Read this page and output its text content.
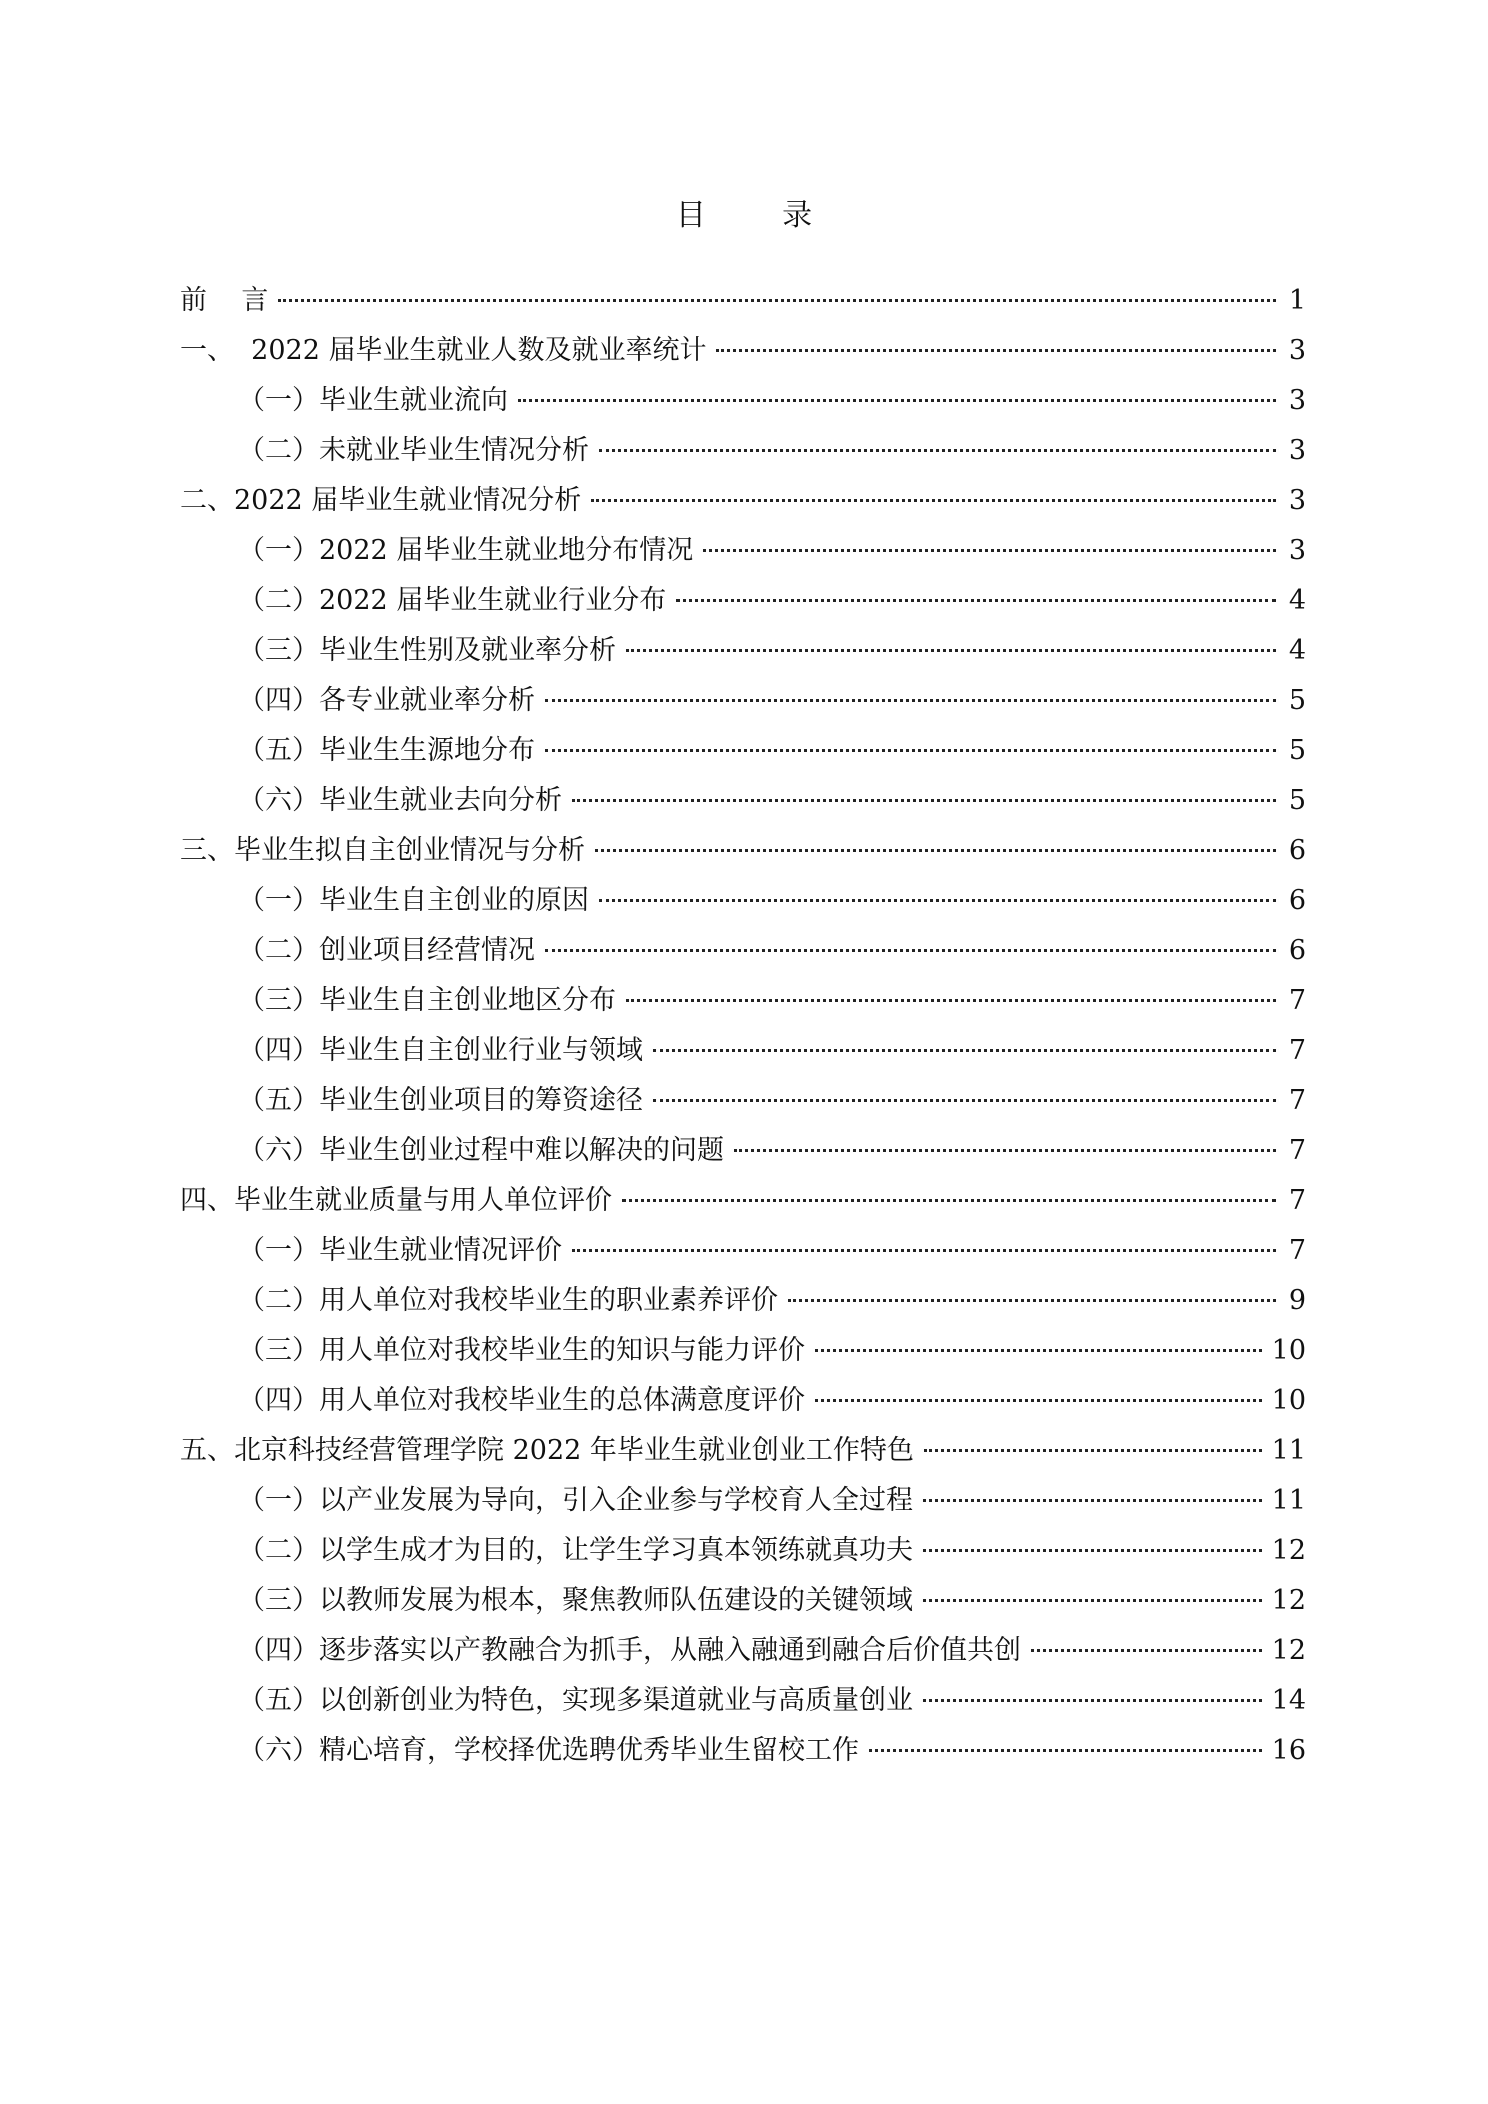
目        录
前    言	1
一、  2022 届毕业生就业人数及就业率统计	3
（一）毕业生就业流向	3
（二）未就业毕业生情况分析	3
二、2022 届毕业生就业情况分析	3
（一）2022 届毕业生就业地分布情况	3
（二）2022 届毕业生就业行业分布	4
（三）毕业生性别及就业率分析	4
（四）各专业就业率分析	5
（五）毕业生生源地分布	5
（六）毕业生就业去向分析	5
三、毕业生拟自主创业情况与分析	6
（一）毕业生自主创业的原因	6
（二）创业项目经营情况	6
（三）毕业生自主创业地区分布	7
（四）毕业生自主创业行业与领域	7
（五）毕业生创业项目的筹资途径	7
（六）毕业生创业过程中难以解决的问题	7
四、毕业生就业质量与用人单位评价	7
（一）毕业生就业情况评价	7
（二）用人单位对我校毕业生的职业素养评价	9
（三）用人单位对我校毕业生的知识与能力评价	10
（四）用人单位对我校毕业生的总体满意度评价	10
五、北京科技经营管理学院 2022 年毕业生就业创业工作特色	11
（一）以产业发展为导向，引入企业参与学校育人全过程	11
（二）以学生成才为目的，让学生学习真本领练就真功夫	12
（三）以教师发展为根本，聚焦教师队伍建设的关键领域	12
（四）逐步落实以产教融合为抓手，从融入融通到融合后价值共创	12
（五）以创新创业为特色，实现多渠道就业与高质量创业	14
（六）精心培育，学校择优选聘优秀毕业生留校工作	16
